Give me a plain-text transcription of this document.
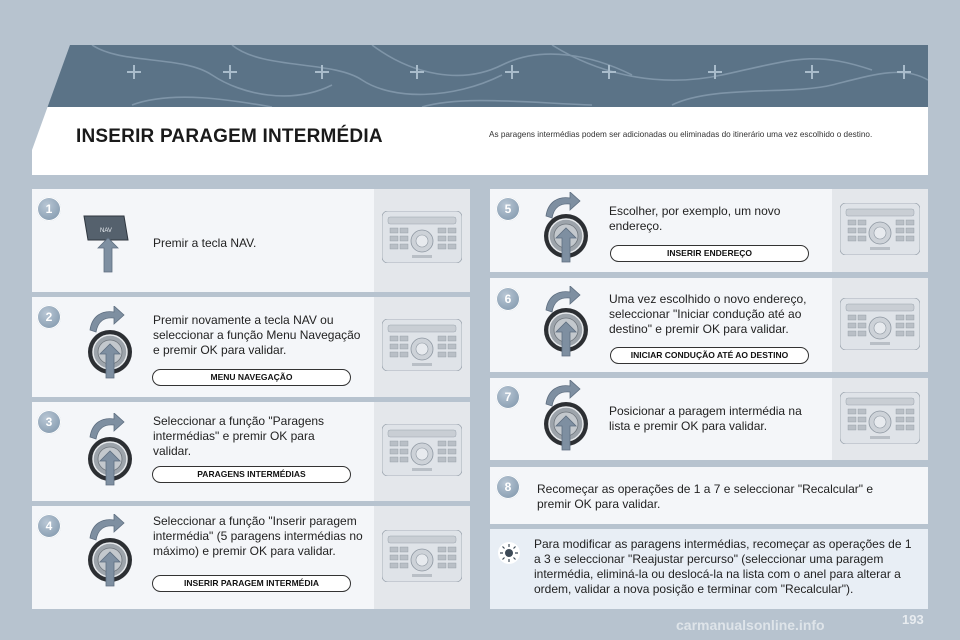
INSERIR PARAGEM INTERMÉDIA	As paragens intermédias podem ser adicionadas ou eliminadas do itinerário uma vez escolhido o destino.
1
NAV
Premir a tecla NAV.
2	Premir novamente a tecla NAV ou seleccionar a função Menu Navegação e premir OK para validar.
MENU NAVEGAÇÃO
3	Seleccionar a função "Paragens intermédias" e premir OK para validar.
PARAGENS INTERMÉDIAS
4	Seleccionar a função "Inserir paragem intermédia" (5 paragens intermédias no máximo) e premir OK para validar.
INSERIR PARAGEM INTERMÉDIA
5	Escolher, por exemplo, um novo endereço.
INSERIR ENDEREÇO
6	Uma vez escolhido o novo endereço, seleccionar "Iniciar condução até ao destino" e premir OK para validar.
INICIAR CONDUÇÃO ATÉ AO DESTINO
7
Posicionar a paragem intermédia na lista e premir OK para validar.
8	Recomeçar as operações de 1 a 7 e seleccionar "Recalcular" e premir OK para validar.
Para modificar as paragens intermédias, recomeçar as operações de 1 a 3 e seleccionar "Reajustar percurso" (seleccionar uma paragem intermédia, eliminá-la ou deslocá-la na lista com o anel para alterar a ordem, validar a nova posição e terminar com "Recalcular").
193
carmanualsonline.info
